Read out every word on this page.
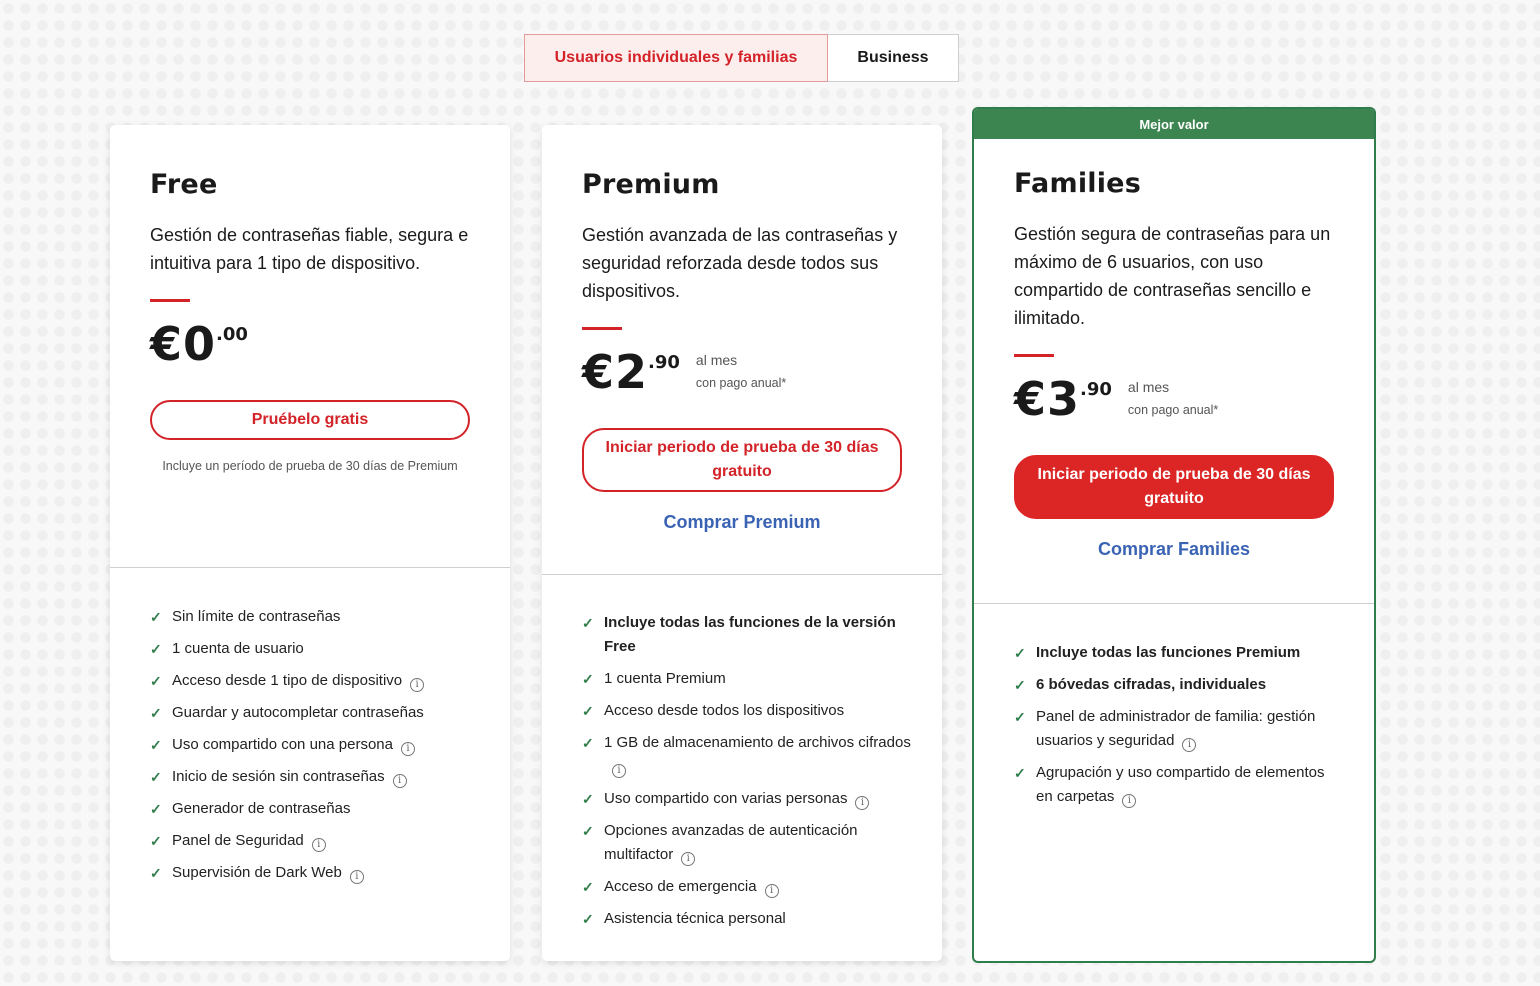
Usuarios individuales y familias	Business
Free
Gestión de contraseñas fiable, segura e intuitiva para 1 tipo de dispositivo.
€0 .00
Pruébelo gratis
Incluye un período de prueba de 30 días de Premium
✓ Sin límite de contraseñas
✓ 1 cuenta de usuario
✓ Acceso desde 1 tipo de dispositivo i
✓ Guardar y autocompletar contraseñas
✓ Uso compartido con una persona i
✓ Inicio de sesión sin contraseñas i
✓ Generador de contraseñas
✓ Panel de Seguridad i
✓ Supervisión de Dark Web i
Premium
Gestión avanzada de las contraseñas y seguridad reforzada desde todos sus dispositivos.
€2 .90 al mes
con pago anual*
Iniciar periodo de prueba de 30 días gratuito
Comprar Premium
✓ Incluye todas las funciones de la versión Free
✓ 1 cuenta Premium
✓ Acceso desde todos los dispositivos
✓ 1 GB de almacenamiento de archivos cifradosi
✓ Uso compartido con varias personas i
✓ Opciones avanzadas de autenticación multifactor i
✓ Acceso de emergencia i
✓ Asistencia técnica personal
Mejor valor
Families
Gestión segura de contraseñas para un máximo de 6 usuarios, con uso compartido de contraseñas sencillo e ilimitado.
€3 .90 al mes
con pago anual*
Iniciar periodo de prueba de 30 días gratuito
Comprar Families
✓ Incluye todas las funciones Premium
✓ 6 bóvedas cifradas, individuales
✓ Panel de administrador de familia: gestión usuarios y seguridad i
✓ Agrupación y uso compartido de elementos en carpetas i
